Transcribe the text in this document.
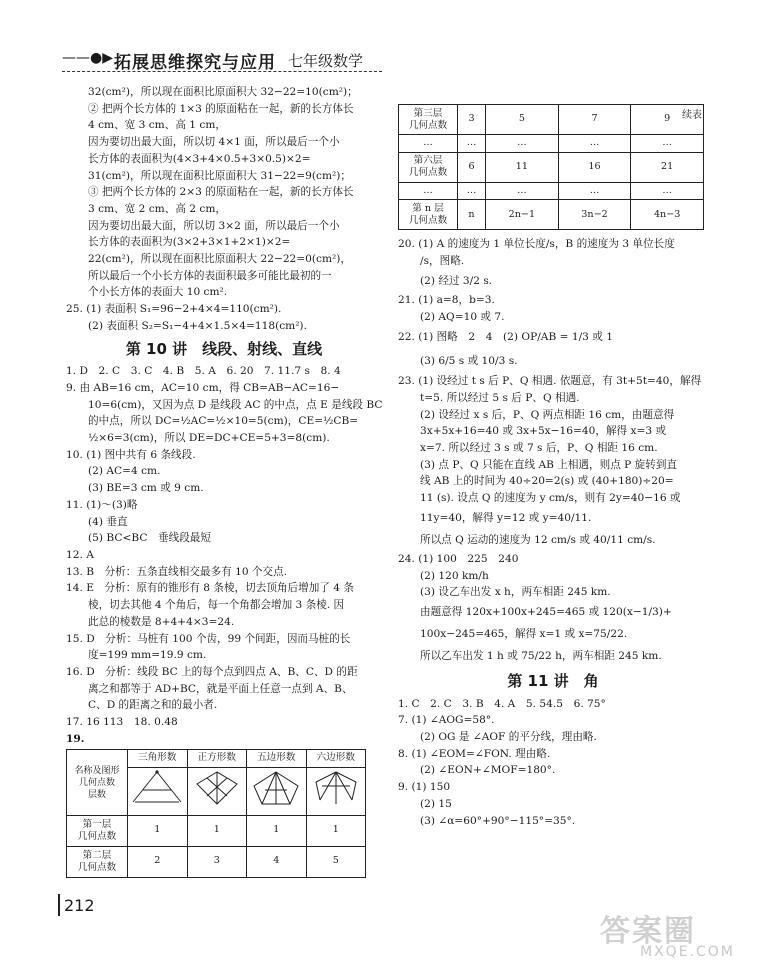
——●▶ 拓展思维探究与应用 七年级数学

32(cm²)，所以现在面积比原面积大 32−22=10(cm²)；

② 把两个长方体的 1×3 的原面粘在一起，新的长方体长

4 cm、宽 3 cm、高 1 cm，

因为要切出最大面，所以切 4×1 面，所以最后一个小

长方体的表面积为(4×3+4×0.5+3×0.5)×2=

31(cm²)，所以现在面积比原面积大 31−22=9(cm²)；

③ 把两个长方体的 2×3 的原面粘在一起，新的长方体长

3 cm、宽 2 cm、高 2 cm，

因为要切出最大面，所以切 3×2 面，所以最后一个小

长方体的表面积为(3×2+3×1+2×1)×2=

22(cm²)，所以现在面积比原面积大 22−22=0(cm²)，

所以最后一个小长方体的表面积最多可能比最初的一

个小长方体的表面大 10 cm².

25. (1) 表面积 S₁=96−2+4×4=110(cm²).

(2) 表面积 S₂=S₁−4+4×1.5×4=118(cm²).

第 10 讲　线段、射线、直线

1. D　2. C　3. C　4. B　5. A　6. 20　7. 11.7 s　8. 4

9. 由 AB=16 cm，AC=10 cm，得 CB=AB−AC=16−

10=6(cm)，又因为点 D 是线段 AC 的中点，点 E 是线段 BC

的中点，所以 DC=½AC=½×10=5(cm)，CE=½CB=

½×6=3(cm)，所以 DE=DC+CE=5+3=8(cm).

10. (1) 图中共有 6 条线段.

(2) AC=4 cm.

(3) BE=3 cm 或 9 cm.

11. (1)～(3)略

(4) 垂直

(5) BC<BC　垂线段最短

12. A

13. B　分析：五条直线相交最多有 10 个交点.

14. E　分析：原有的锥形有 8 条棱，切去顶角后增加了 4 条

棱，切去其他 4 个角后，每一个角都会增加 3 条棱. 因

此总的棱数是 8+4+4×3=24.

15. D　分析：马桩有 100 个齿，99 个间距，因而马桩的长

度=199 mm=19.9 cm.

16. D　分析：线段 BC 上的每个点到四点 A、B、C、D 的距

离之和都等于 AD+BC，就是平面上任意一点到 A、B、

C、D 的距离之和的最小者.

17. 16 113　18. 0.48

19.

名称及图形
几何点数
层数	三角形数	正方形数	五边形数	六边形数

第一层
几何点数	1	1	1	1
第二层
几何点数	2	3	4	5
续表
第三层
几何点数	3	5	7	9
…	…	…	…	…
第六层
几何点数	6	11	16	21
…	…	…	…	…
第 n 层
几何点数	n	2n−1	3n−2	4n−3

20. (1) A 的速度为 1 单位长度/s，B 的速度为 3 单位长度

/s，图略.

(2) 经过 3/2 s.

21. (1) a=8，b=3.

(2) AQ=10 或 7.

22. (1) 图略　2　4　(2) OP/AB = 1/3 或 1

(3) 6/5 s 或 10/3 s.

23. (1) 设经过 t s 后 P、Q 相遇. 依题意，有 3t+5t=40，解得

t=5. 所以经过 5 s 后 P、Q 相遇.

(2) 设经过 x s 后，P、Q 两点相距 16 cm，由题意得

3x+5x+16=40 或 3x+5x−16=40，解得 x=3 或

x=7. 所以经过 3 s 或 7 s 后，P、Q 相距 16 cm.

(3) 点 P、Q 只能在直线 AB 上相遇，则点 P 旋转到直

线 AB 上的时间为 40÷20=2(s) 或 (40+180)÷20=

11 (s). 设点 Q 的速度为 y cm/s，则有 2y=40−16 或

11y=40，解得 y=12 或 y=40/11.

所以点 Q 运动的速度为 12 cm/s 或 40/11 cm/s.

24. (1) 100　225　240

(2) 120 km/h

(3) 设乙车出发 x h，两车相距 245 km.

由题意得 120x+100x+245=465 或 120(x−1/3)+

100x−245=465，解得 x=1 或 x=75/22.

所以乙车出发 1 h 或 75/22 h，两车相距 245 km.

第 11 讲　角

1. C　2. C　3. B　4. A　5. 54.5　6. 75°

7. (1) ∠AOG=58°.

(2) OG 是 ∠AOF 的平分线，理由略.

8. (1) ∠EOM=∠FON. 理由略.

(2) ∠EON+∠MOF=180°.

9. (1) 150

(2) 15

(3) ∠α=60°+90°−115°=35°.

212
答案圈
MXQE.COM
